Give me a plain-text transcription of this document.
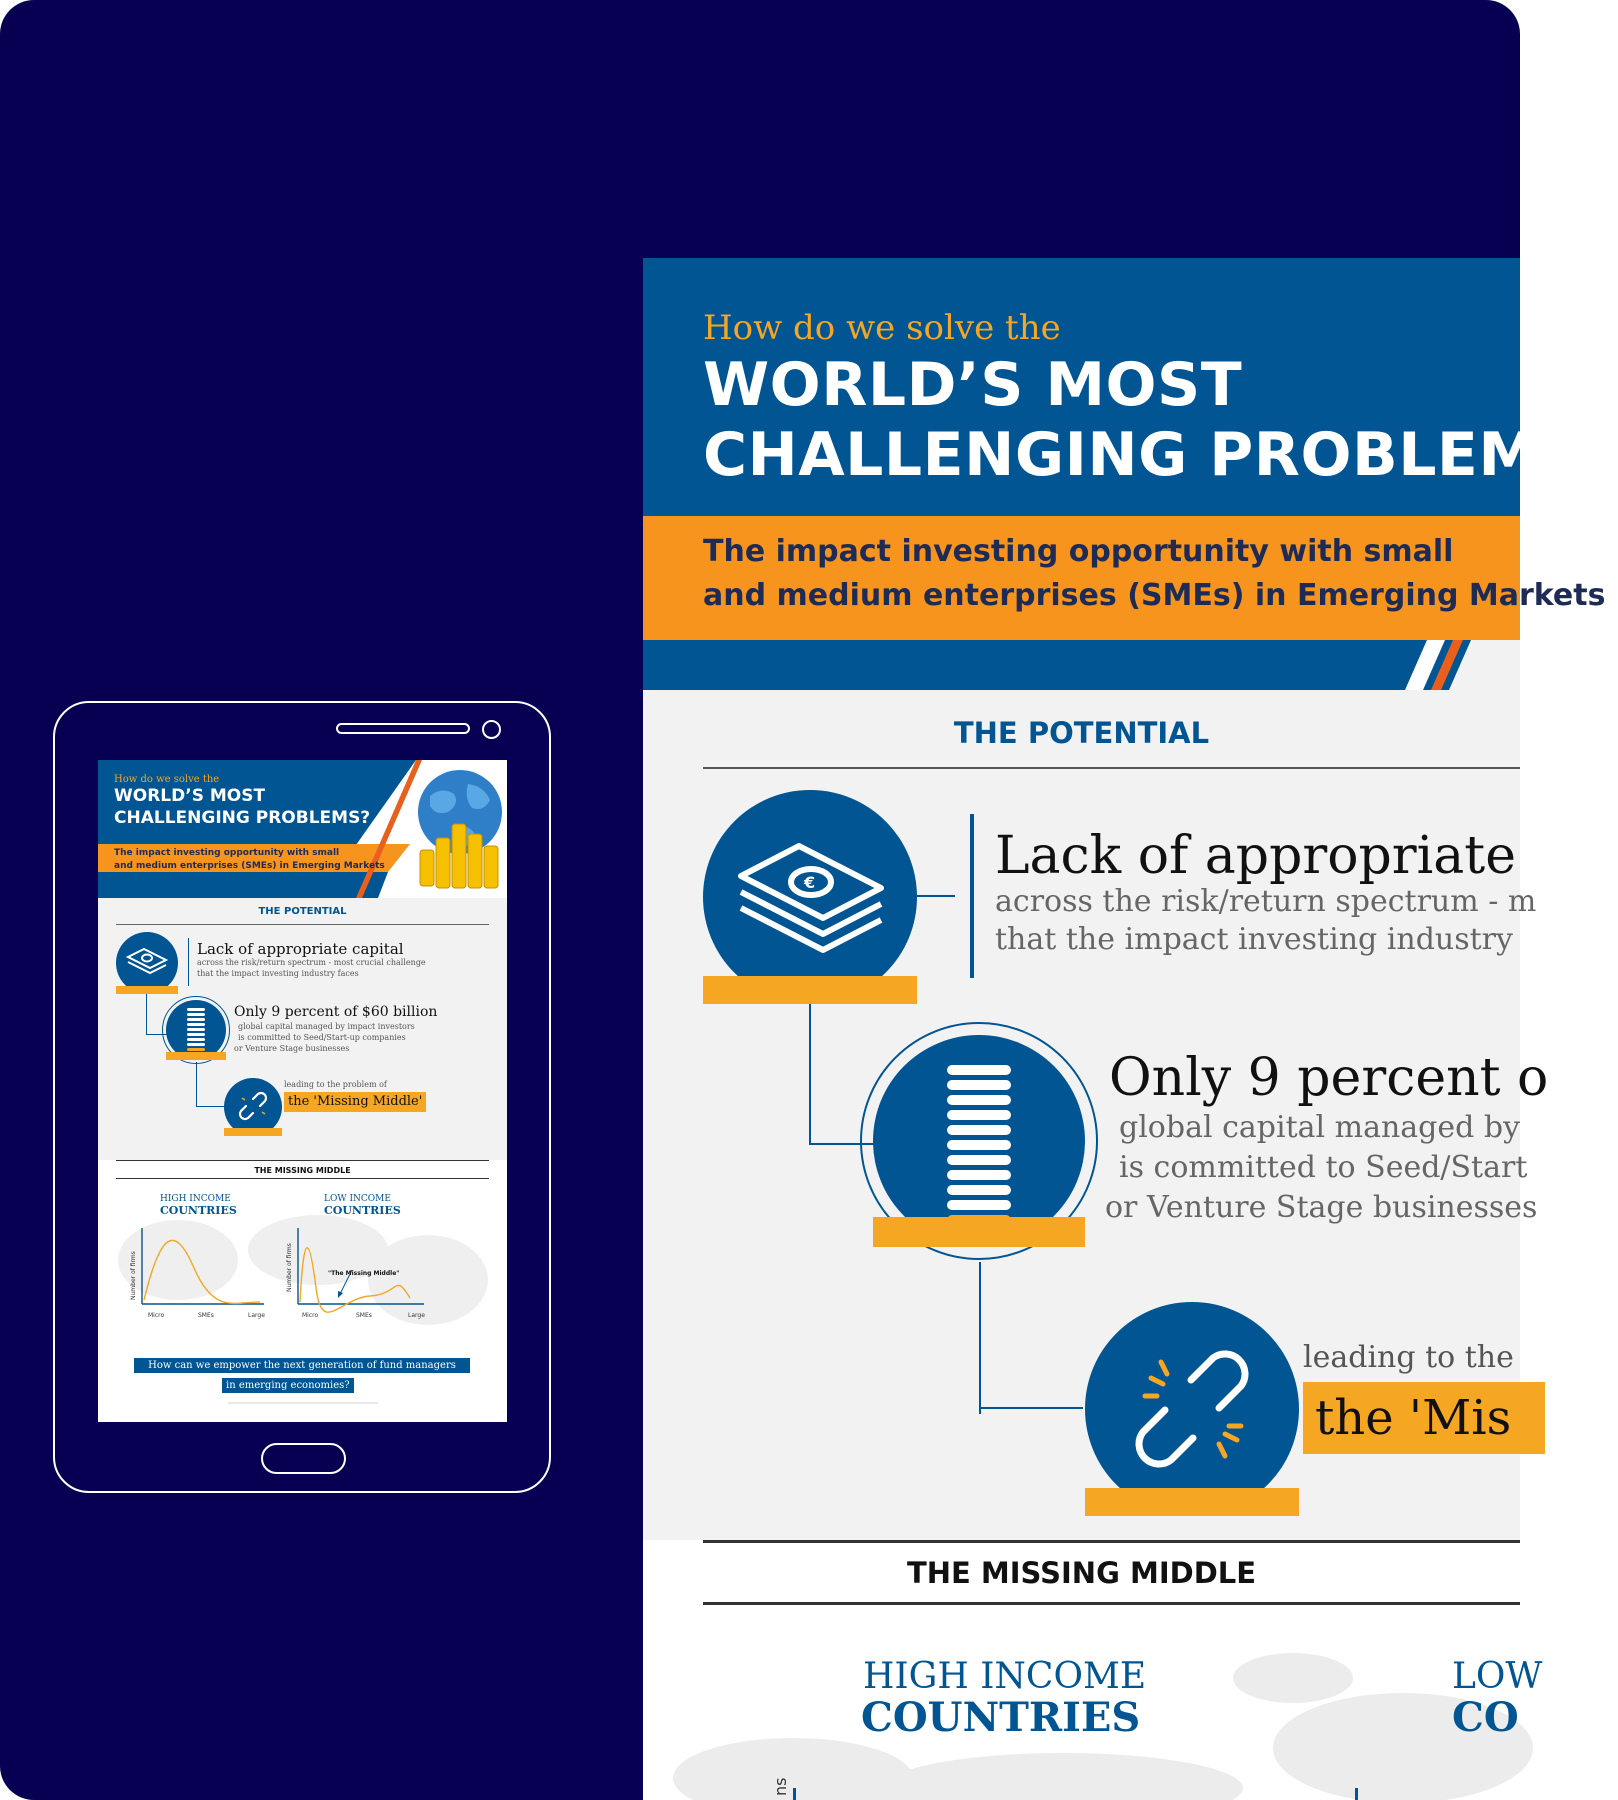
How do we solve the
WORLD’S MOST
CHALLENGING PROBLEMS?
The impact investing opportunity with small
and medium enterprises (SMEs) in Emerging Markets
THE POTENTIAL
€	Lack of appropriate
across the risk/return spectrum - m
that the impact investing industry
Only 9 percent o
global capital managed by
is committed to Seed/Start
or Venture Stage businesses
leading to the
the 'Mis
THE MISSING MIDDLE
HIGH INCOME
COUNTRIES
LOW
CO
ns
How do we solve the
WORLD’S MOST
CHALLENGING PROBLEMS?
The impact investing opportunity with small
and medium enterprises (SMEs) in Emerging Markets
THE POTENTIAL
Lack of appropriate capital
across the risk/return spectrum - most crucial challenge
that the impact investing industry faces
Only 9 percent of $60 billion
global capital managed by impact investors
is committed to Seed/Start-up companies
or Venture Stage businesses
leading to the problem of
the 'Missing Middle'
THE MISSING MIDDLE
HIGH INCOME
COUNTRIES
LOW INCOME
COUNTRIES
Number of firms	Number of firms	"The Missing Middle"
Micro	SMEs	Large	Micro	SMEs	Large
How can we empower the next generation of fund managers
in emerging economies?
